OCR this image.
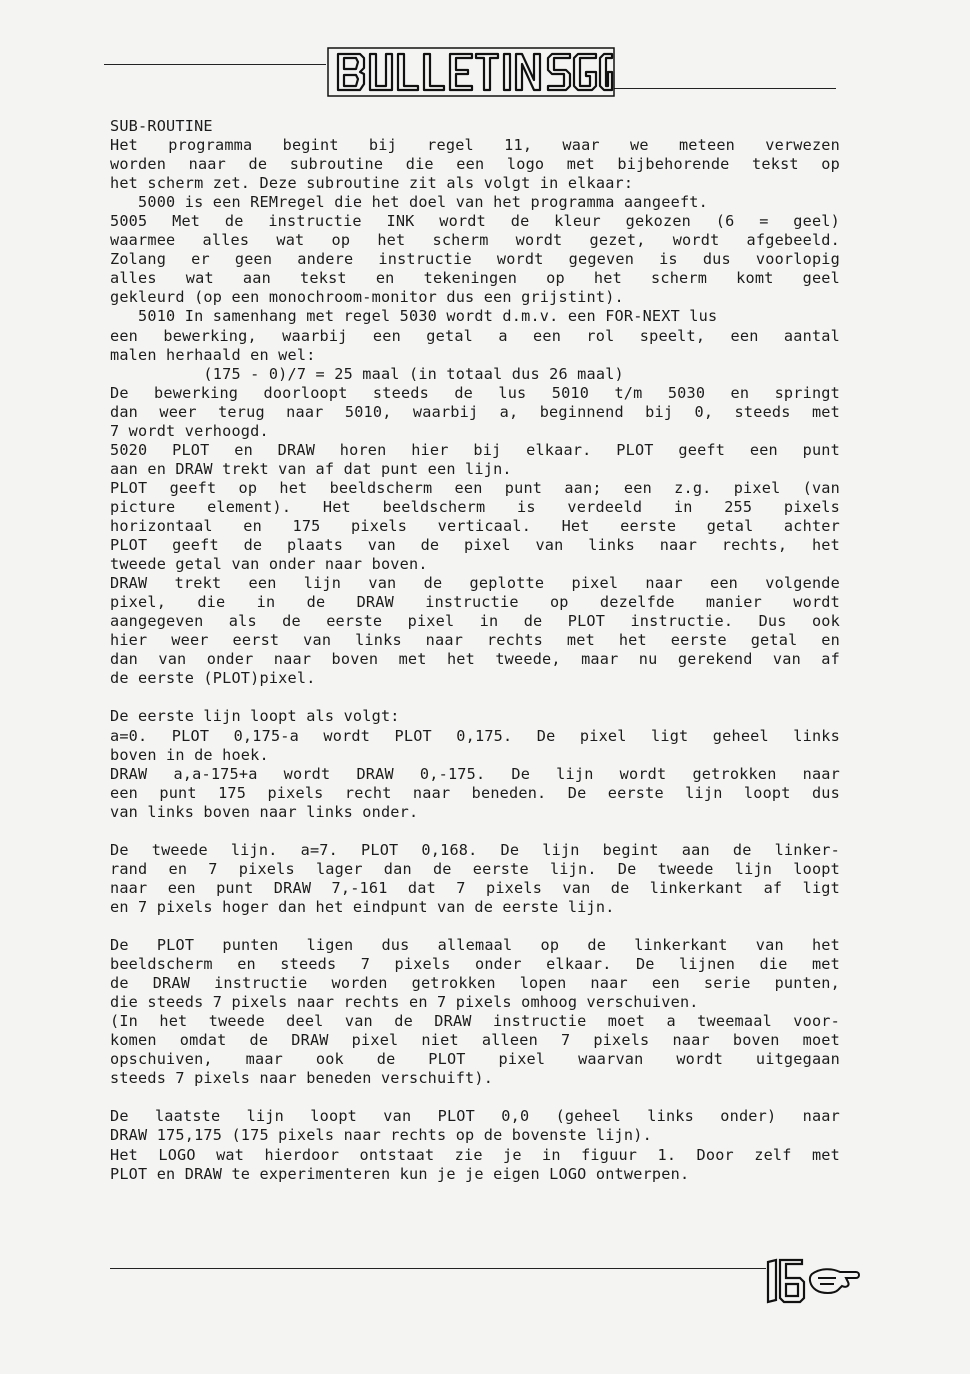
SUB-ROUTINE
Het programma begint bij regel 11, waar we meteen verwezen
worden naar de subroutine die een logo met bijbehorende tekst op
het scherm zet. Deze subroutine zit als volgt in elkaar:
5000 is een REMregel die het doel van het programma aangeeft.
5005 Met de instructie INK wordt de kleur gekozen (6 = geel)
waarmee alles wat op het scherm wordt gezet, wordt afgebeeld.
Zolang er geen andere instructie wordt gegeven is dus voorlopig
alles wat aan tekst en tekeningen op het scherm komt geel
gekleurd (op een monochroom-monitor dus een grijstint).
5010 In samenhang met regel 5030 wordt d.m.v. een FOR-NEXT lus
een bewerking, waarbij een getal a een rol speelt, een aantal
malen herhaald en wel:
(175 - 0)/7 = 25 maal (in totaal dus 26 maal)
De bewerking doorloopt steeds de lus 5010 t/m 5030 en springt
dan weer terug naar 5010, waarbij a, beginnend bij 0, steeds met
7 wordt verhoogd.
5020 PLOT en DRAW horen hier bij elkaar. PLOT geeft een punt
aan en DRAW trekt van af dat punt een lijn.
PLOT geeft op het beeldscherm een punt aan; een z.g. pixel (van
picture element). Het beeldscherm is verdeeld in 255 pixels
horizontaal en 175 pixels verticaal. Het eerste getal achter
PLOT geeft de plaats van de pixel van links naar rechts, het
tweede getal van onder naar boven.
DRAW trekt een lijn van de geplotte pixel naar een volgende
pixel, die in de DRAW instructie op dezelfde manier wordt
aangegeven als de eerste pixel in de PLOT instructie. Dus ook
hier weer eerst van links naar rechts met het eerste getal en
dan van onder naar boven met het tweede, maar nu gerekend van af
de eerste (PLOT)pixel.
De eerste lijn loopt als volgt:
a=0. PLOT 0,175-a wordt PLOT 0,175. De pixel ligt geheel links
boven in de hoek.
DRAW a,a-175+a wordt DRAW 0,-175. De lijn wordt getrokken naar
een punt 175 pixels recht naar beneden. De eerste lijn loopt dus
van links boven naar links onder.
De tweede lijn. a=7. PLOT 0,168. De lijn begint aan de linker-
rand en 7 pixels lager dan de eerste lijn. De tweede lijn loopt
naar een punt DRAW 7,-161 dat 7 pixels van de linkerkant af ligt
en 7 pixels hoger dan het eindpunt van de eerste lijn.
De PLOT punten ligen dus allemaal op de linkerkant van het
beeldscherm en steeds 7 pixels onder elkaar. De lijnen die met
de DRAW instructie worden getrokken lopen naar een serie punten,
die steeds 7 pixels naar rechts en 7 pixels omhoog verschuiven.
(In het tweede deel van de DRAW instructie moet a tweemaal voor-
komen omdat de DRAW pixel niet alleen 7 pixels naar boven moet
opschuiven, maar ook de PLOT pixel waarvan wordt uitgegaan
steeds 7 pixels naar beneden verschuift).
De laatste lijn loopt van PLOT 0,0 (geheel links onder) naar
DRAW 175,175 (175 pixels naar rechts op de bovenste lijn).
Het LOGO wat hierdoor ontstaat zie je in figuur 1. Door zelf met
PLOT en DRAW te experimenteren kun je je eigen LOGO ontwerpen.
16
